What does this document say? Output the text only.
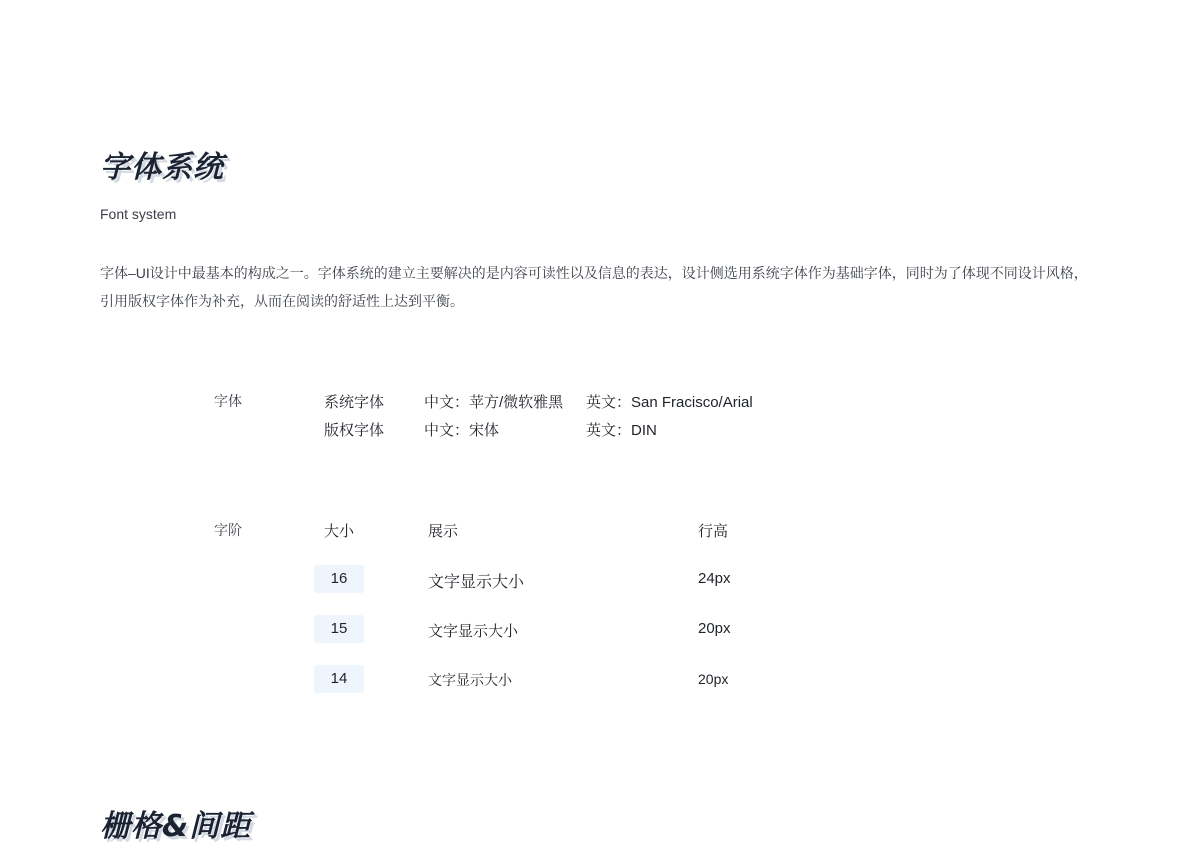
字体系统
Font system
字体–UI设计中最基本的构成之一。字体系统的建立主要解决的是内容可读性以及信息的表达，设计侧选用系统字体作为基础字体，同时为了体现不同设计风格，引用版权字体作为补充，从而在阅读的舒适性上达到平衡。
字体	系统字体	中文：苹方/微软雅黑 英文：San Fracisco/Arial
版权字体	中文：宋体	英文：DIN
字阶	大小	展示	行高
16	文字显示大小	24px
15	文字显示大小	20px
14	文字显示大小	20px
栅格&间距
